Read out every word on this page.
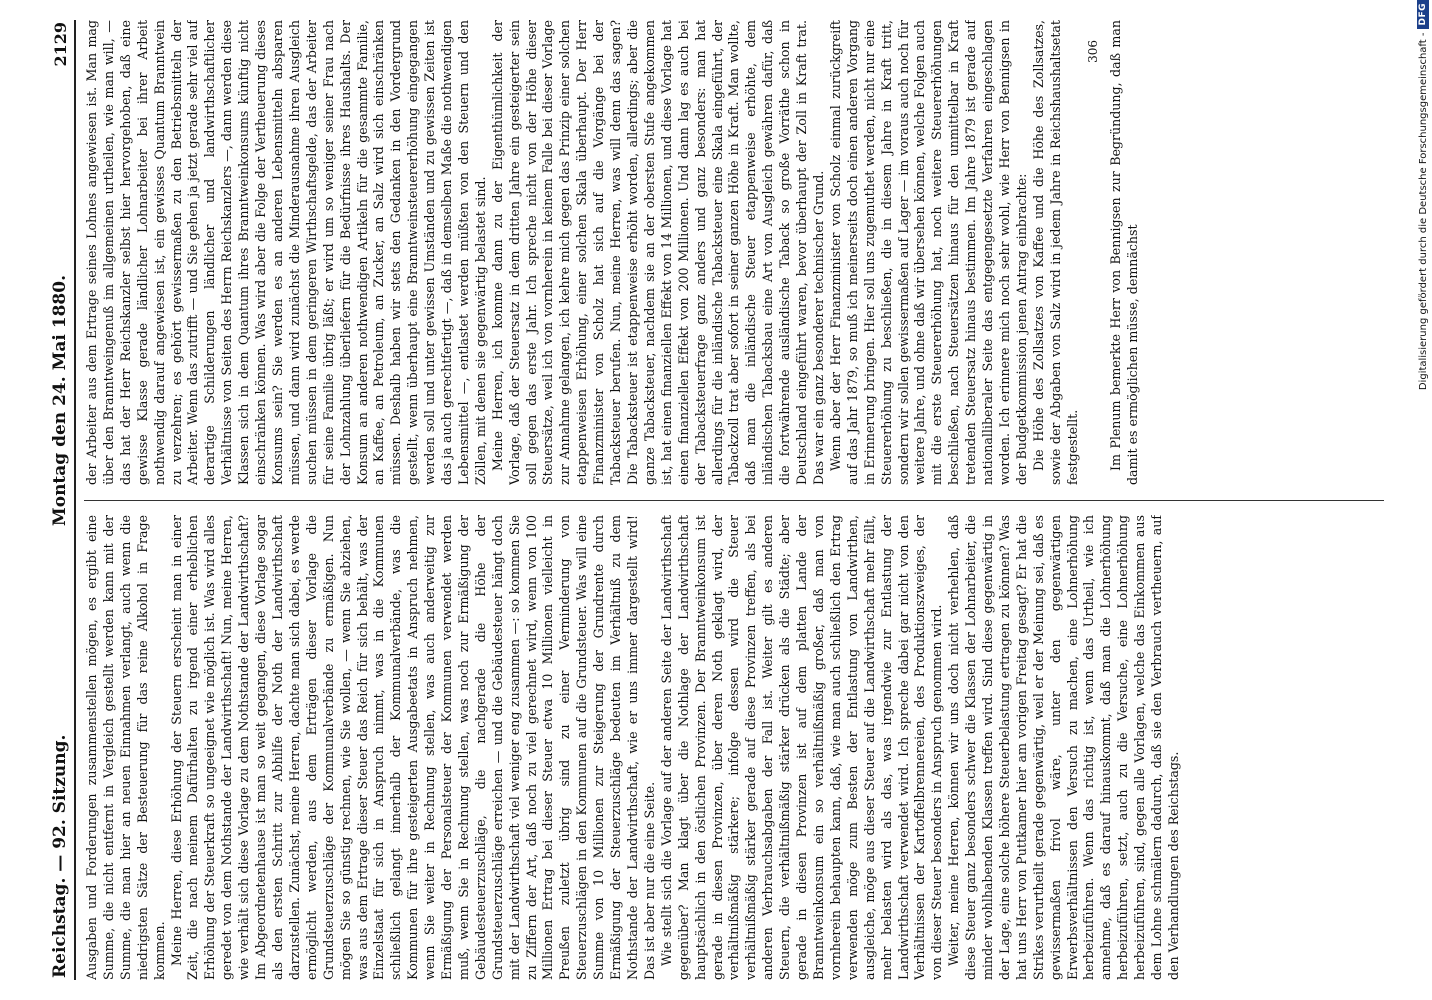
Reichstag. — 92. Sitzung.
Montag den 24. Mai 1880.
2129

Ausgaben und Forderungen zusammenstellen mögen, es ergibt eine Summe, die nicht entfernt in Vergleich gestellt werden kann mit der Summe, die man hier an neuen Einnahmen verlangt, auch wenn die niedrigsten Sätze der Besteuerung für das reine Alkohol in Frage kommen. Meine Herren, diese Erhöhung der Steuern erscheint man in einer Zeit, die nach meinem Dafürhalten zu irgend einer erheblichen Erhöhung der Steuerkraft so ungeeignet wie möglich ist. Was wird alles geredet von dem Nothstande der Landwirthschaft! Nun, meine Herren, wie verhält sich diese Vorlage zu dem Nothstande der Landwirthschaft? Im Abgeordnetenhause ist man so weit gegangen, diese Vorlage sogar als den ersten Schritt zur Abhilfe der Noth der Landwirthschaft darzustellen. Zunächst, meine Herren, dachte man sich dabei, es werde ermöglicht werden, aus dem Erträgen dieser Vorlage die Grundsteuerzuschläge der Kommunalverbände zu ermäßigen. Nun mögen Sie so günstig rechnen, wie Sie wollen, — wenn Sie abziehen, was aus dem Ertrage dieser Steuer das Reich für sich behält, was der Einzelstaat für sich in Anspruch nimmt, was in die Kommunen schließlich gelangt innerhalb der Kommunalverbände, was die Kommunen für ihre gesteigerten Ausgabeetats in Anspruch nehmen, wenn Sie weiter in Rechnung stellen, was auch anderweitig zur Ermäßigung der Personalsteuer der Kommunen verwendet werden muß, wenn Sie in Rechnung stellen, was noch zur Ermäßigung der Gebäudesteuerzuschläge, die nachgerade die Höhe der Grundsteuerzuschläge erreichen — und die Gebäudesteuer hängt doch mit der Landwirthschaft viel weniger eng zusammen —: so kommen Sie zu Ziffern der Art, daß noch zu viel gerechnet wird, wenn von 100 Millionen Ertrag bei dieser Steuer etwa 10 Millionen vielleicht in Preußen zuletzt übrig sind zu einer Verminderung von Steuerzuschlägen in den Kommunen auf die Grundsteuer. Was will eine Summe von 10 Millionen zur Steigerung der Grundrente durch Ermäßigung der Steuerzuschläge bedeuten im Verhältniß zu dem Nothstande der Landwirthschaft, wie er uns immer dargestellt wird! Das ist aber nur die eine Seite. Wie stellt sich die Vorlage auf der anderen Seite der Landwirthschaft gegenüber? Man klagt über die Nothlage der Landwirthschaft hauptsächlich in den östlichen Provinzen. Der Branntweinkonsum ist gerade in diesen Provinzen, über deren Noth geklagt wird, der verhältnißmäßig stärkere; infolge dessen wird die Steuer verhältnißmäßig stärker gerade auf diese Provinzen treffen, als bei anderen Verbrauchsabgaben der Fall ist. Weiter gilt es anderen Steuern, die verhältnißmäßig stärker drücken als die Städte; aber gerade in diesen Provinzen ist auf dem platten Lande der Branntweinkonsum ein so verhältnißmäßig großer, daß man von vornherein behaupten kann, daß, wie man auch schließlich den Ertrag verwenden möge zum Besten der Entlastung von Landwirthen, ausgleiche, möge aus dieser Steuer auf die Landwirthschaft mehr fällt, mehr belasten wird als das, was irgendwie zur Entlastung der Landwirthschaft verwendet wird. Ich spreche dabei gar nicht von den Verhältnissen der Kartoffelbrennereien, des Produktionszweiges, der von dieser Steuer besonders in Anspruch genommen wird. Weiter, meine Herren, können wir uns doch nicht verhehlen, daß diese Steuer ganz besonders schwer die Klassen der Lohnarbeiter, die minder wohlhabenden Klassen treffen wird. Sind diese gegenwärtig in der Lage, eine solche höhere Steuerbelastung ertragen zu können? Was hat uns Herr von Puttkamer hier am vorigen Freitag gesagt? Er hat die Strikes verurtheilt gerade gegenwärtig, weil er der Meinung sei, daß es gewissermaßen frivol wäre, unter den gegenwärtigen Erwerbsverhältnissen den Versuch zu machen, eine Lohnerhöhung herbeizuführen. Wenn das richtig ist, wenn das Urtheil, wie ich annehme, daß es darauf hinauskommt, daß man die Lohnerhöhung herbeizuführen, setzt, auch zu die Versuche, eine Lohnerhöhung herbeizuführen, sind, gegen alle Vorlagen, welche das Einkommen aus dem Lohne schmälern dadurch, daß sie den Verbrauch vertheuern, auf den Verhandlungen des Reichstags.

der Arbeiter aus dem Ertrage seines Lohnes angewiesen ist. Man mag über den Branntweingenuß im allgemeinen urtheilen, wie man will, — das hat der Herr Reichskanzler selbst hier hervorgehoben, daß eine gewisse Klasse gerade ländlicher Lohnarbeiter bei ihrer Arbeit nothwendig darauf angewiesen ist, ein gewisses Quantum Branntwein zu verzehren; es gehört gewissermaßen zu den Betriebsmitteln der Arbeiter. Wenn das zutrifft — und Sie gehen ja jetzt gerade sehr viel auf derartige Schilderungen ländlicher und landwirthschaftlicher Verhältnisse von Seiten des Herrn Reichskanzlers —, dann werden diese Klassen sich in dem Quantum ihres Branntweinkonsums künftig nicht einschränken können. Was wird aber die Folge der Vertheuerung dieses Konsums sein? Sie werden es an anderen Lebensmitteln absparen müssen, und dann wird zunächst die Minderausnahme ihren Ausgleich suchen müssen in dem geringeren Wirthschaftsgelde, das der Arbeiter für seine Familie übrig läßt; er wird um so weniger seiner Frau nach der Lohnzahlung überliefern für die Bedürfnisse ihres Haushalts. Der Konsum an anderen nothwendigen Artikeln für die gesammte Familie, an Kaffee, an Petroleum, an Zucker, an Salz wird sich einschränken müssen. Deshalb haben wir stets den Gedanken in den Vordergrund gestellt, wenn überhaupt eine Branntweinsteuererhöhung eingegangen werden soll und unter gewissen Umständen und zu gewissen Zeiten ist das ja auch gerechtfertigt —, daß in demselben Maße die nothwendigen Lebensmittel —, entlastet werden müßten von den Steuern und den Zöllen, mit denen sie gegenwärtig belastet sind. Meine Herren, ich komme dann zu der Eigenthümlichkeit der Vorlage, daß der Steuersatz in dem dritten Jahre ein gesteigerter sein soll gegen das erste Jahr. Ich spreche nicht von der Höhe dieser Steuersätze, weil ich von vornherein in keinem Falle bei dieser Vorlage zur Annahme gelangen, ich kehre mich gegen das Prinzip einer solchen etappenweisen Erhöhung, einer solchen Skala überhaupt. Der Herr Finanzminister von Scholz hat sich auf die Vorgänge bei der Tabacksteuer berufen. Nun, meine Herren, was will denn das sagen? Die Tabacksteuer ist etappenweise erhöht worden, allerdings; aber die ganze Tabacksteuer, nachdem sie an der obersten Stufe angekommen ist, hat einen finanziellen Effekt von 14 Millionen, und diese Vorlage hat einen finanziellen Effekt von 200 Millionen. Und dann lag es auch bei der Tabacksteuerfrage ganz anders und ganz besonders: man hat allerdings für die inländische Tabacksteuer eine Skala eingeführt, der Tabackzoll trat aber sofort in seiner ganzen Höhe in Kraft. Man wollte, daß man die inländische Steuer etappenweise erhöhte, dem inländischen Tabacksbau eine Art von Ausgleich gewähren dafür, daß die fortwährende ausländische Taback so große Vorräthe schon in Deutschland eingeführt waren, bevor überhaupt der Zoll in Kraft trat. Das war ein ganz besonderer technischer Grund. Wenn aber der Herr Finanzminister von Scholz einmal zurückgreift auf das Jahr 1879, so muß ich meinerseits doch einen anderen Vorgang in Erinnerung bringen. Hier soll uns zugemuthet werden, nicht nur eine Steuererhöhung zu beschließen, die in diesem Jahre in Kraft tritt, sondern wir sollen gewissermaßen auf Lager — im voraus auch noch für weitere Jahre, und ohne daß wir übersehen können, welche Folgen auch mit die erste Steuererhöhung hat, noch weitere Steuererhöhungen beschließen, nach Steuersätzen hinaus für den unmittelbar in Kraft tretenden Steuersatz hinaus bestimmen. Im Jahre 1879 ist gerade auf nationalliberaler Seite das entgegengesetzte Verfahren eingeschlagen worden. Ich erinnere mich noch sehr wohl, wie Herr von Bennigsen in der Budgetkommission jenen Antrag einbrachte: Die Höhe des Zollsatzes von Kaffee und die Höhe des Zollsatzes, sowie der Abgaben von Salz wird in jedem Jahre in Reichshaushaltsetat festgestellt.

306 Im Plenum bemerkte Herr von Bennigsen zur Begründung, daß man damit es ermöglichen müsse, demnächst	Digitalisierung gefördert durch die Deutsche Forschungsgemeinschaft -
DFG
